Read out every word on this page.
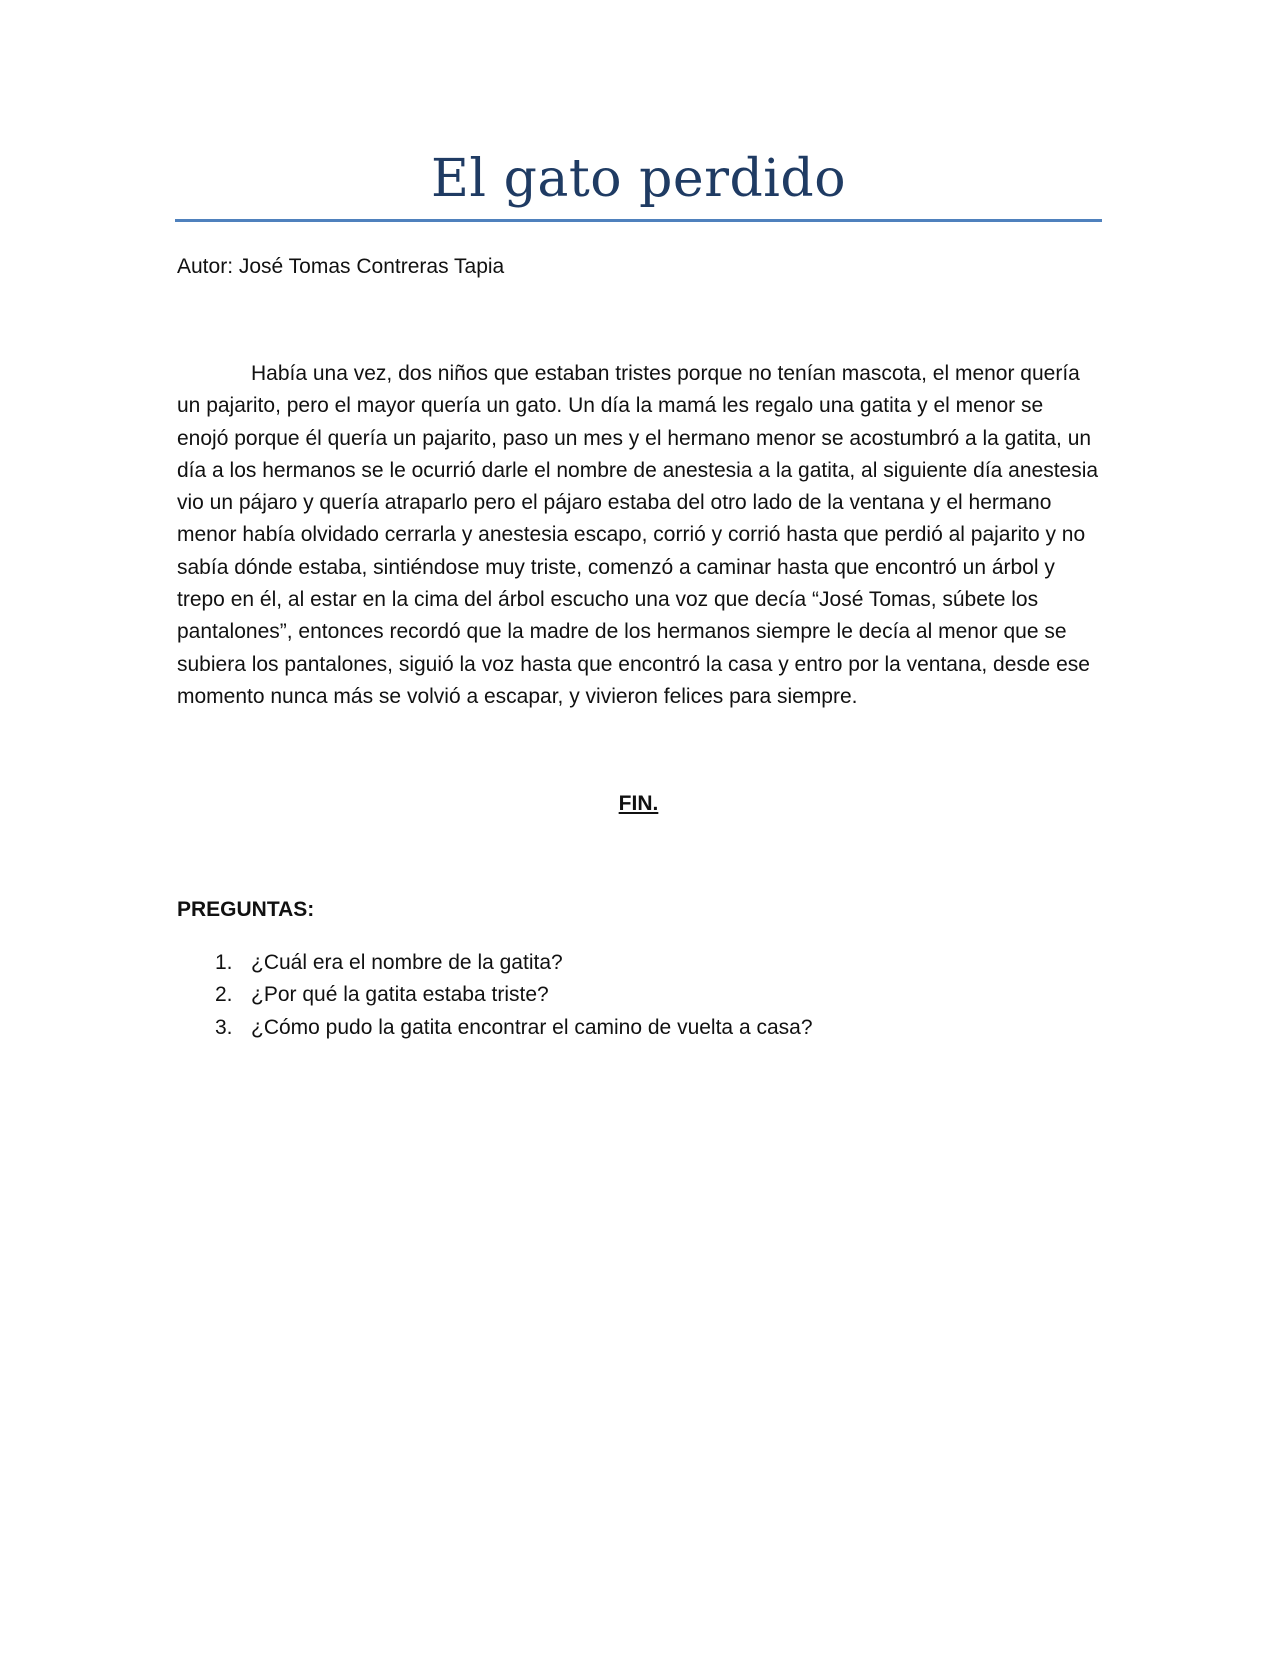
El gato perdido
Autor: José Tomas Contreras Tapia
Había una vez, dos niños que estaban tristes porque no tenían mascota, el menor quería
un pajarito, pero el mayor quería un gato. Un día la mamá les regalo una gatita y el menor se
enojó porque él quería un pajarito, paso un mes y el hermano menor se acostumbró a la gatita, un
día a los hermanos se le ocurrió darle el nombre de anestesia a la gatita, al siguiente día anestesia
vio un pájaro y quería atraparlo pero el pájaro estaba del otro lado de la ventana y el hermano
menor había olvidado cerrarla y anestesia escapo, corrió y corrió hasta que perdió al pajarito y no
sabía dónde estaba, sintiéndose muy triste, comenzó a caminar hasta que encontró un árbol y
trepo en él, al estar en la cima del árbol escucho una voz que decía “José Tomas, súbete los
pantalones”, entonces recordó que la madre de los hermanos siempre le decía al menor que se
subiera los pantalones, siguió la voz hasta que encontró la casa y entro por la ventana, desde ese
momento nunca más se volvió a escapar, y vivieron felices para siempre.
FIN.
PREGUNTAS:
1. ¿Cuál era el nombre de la gatita?
2. ¿Por qué la gatita estaba triste?
3. ¿Cómo pudo la gatita encontrar el camino de vuelta a casa?
